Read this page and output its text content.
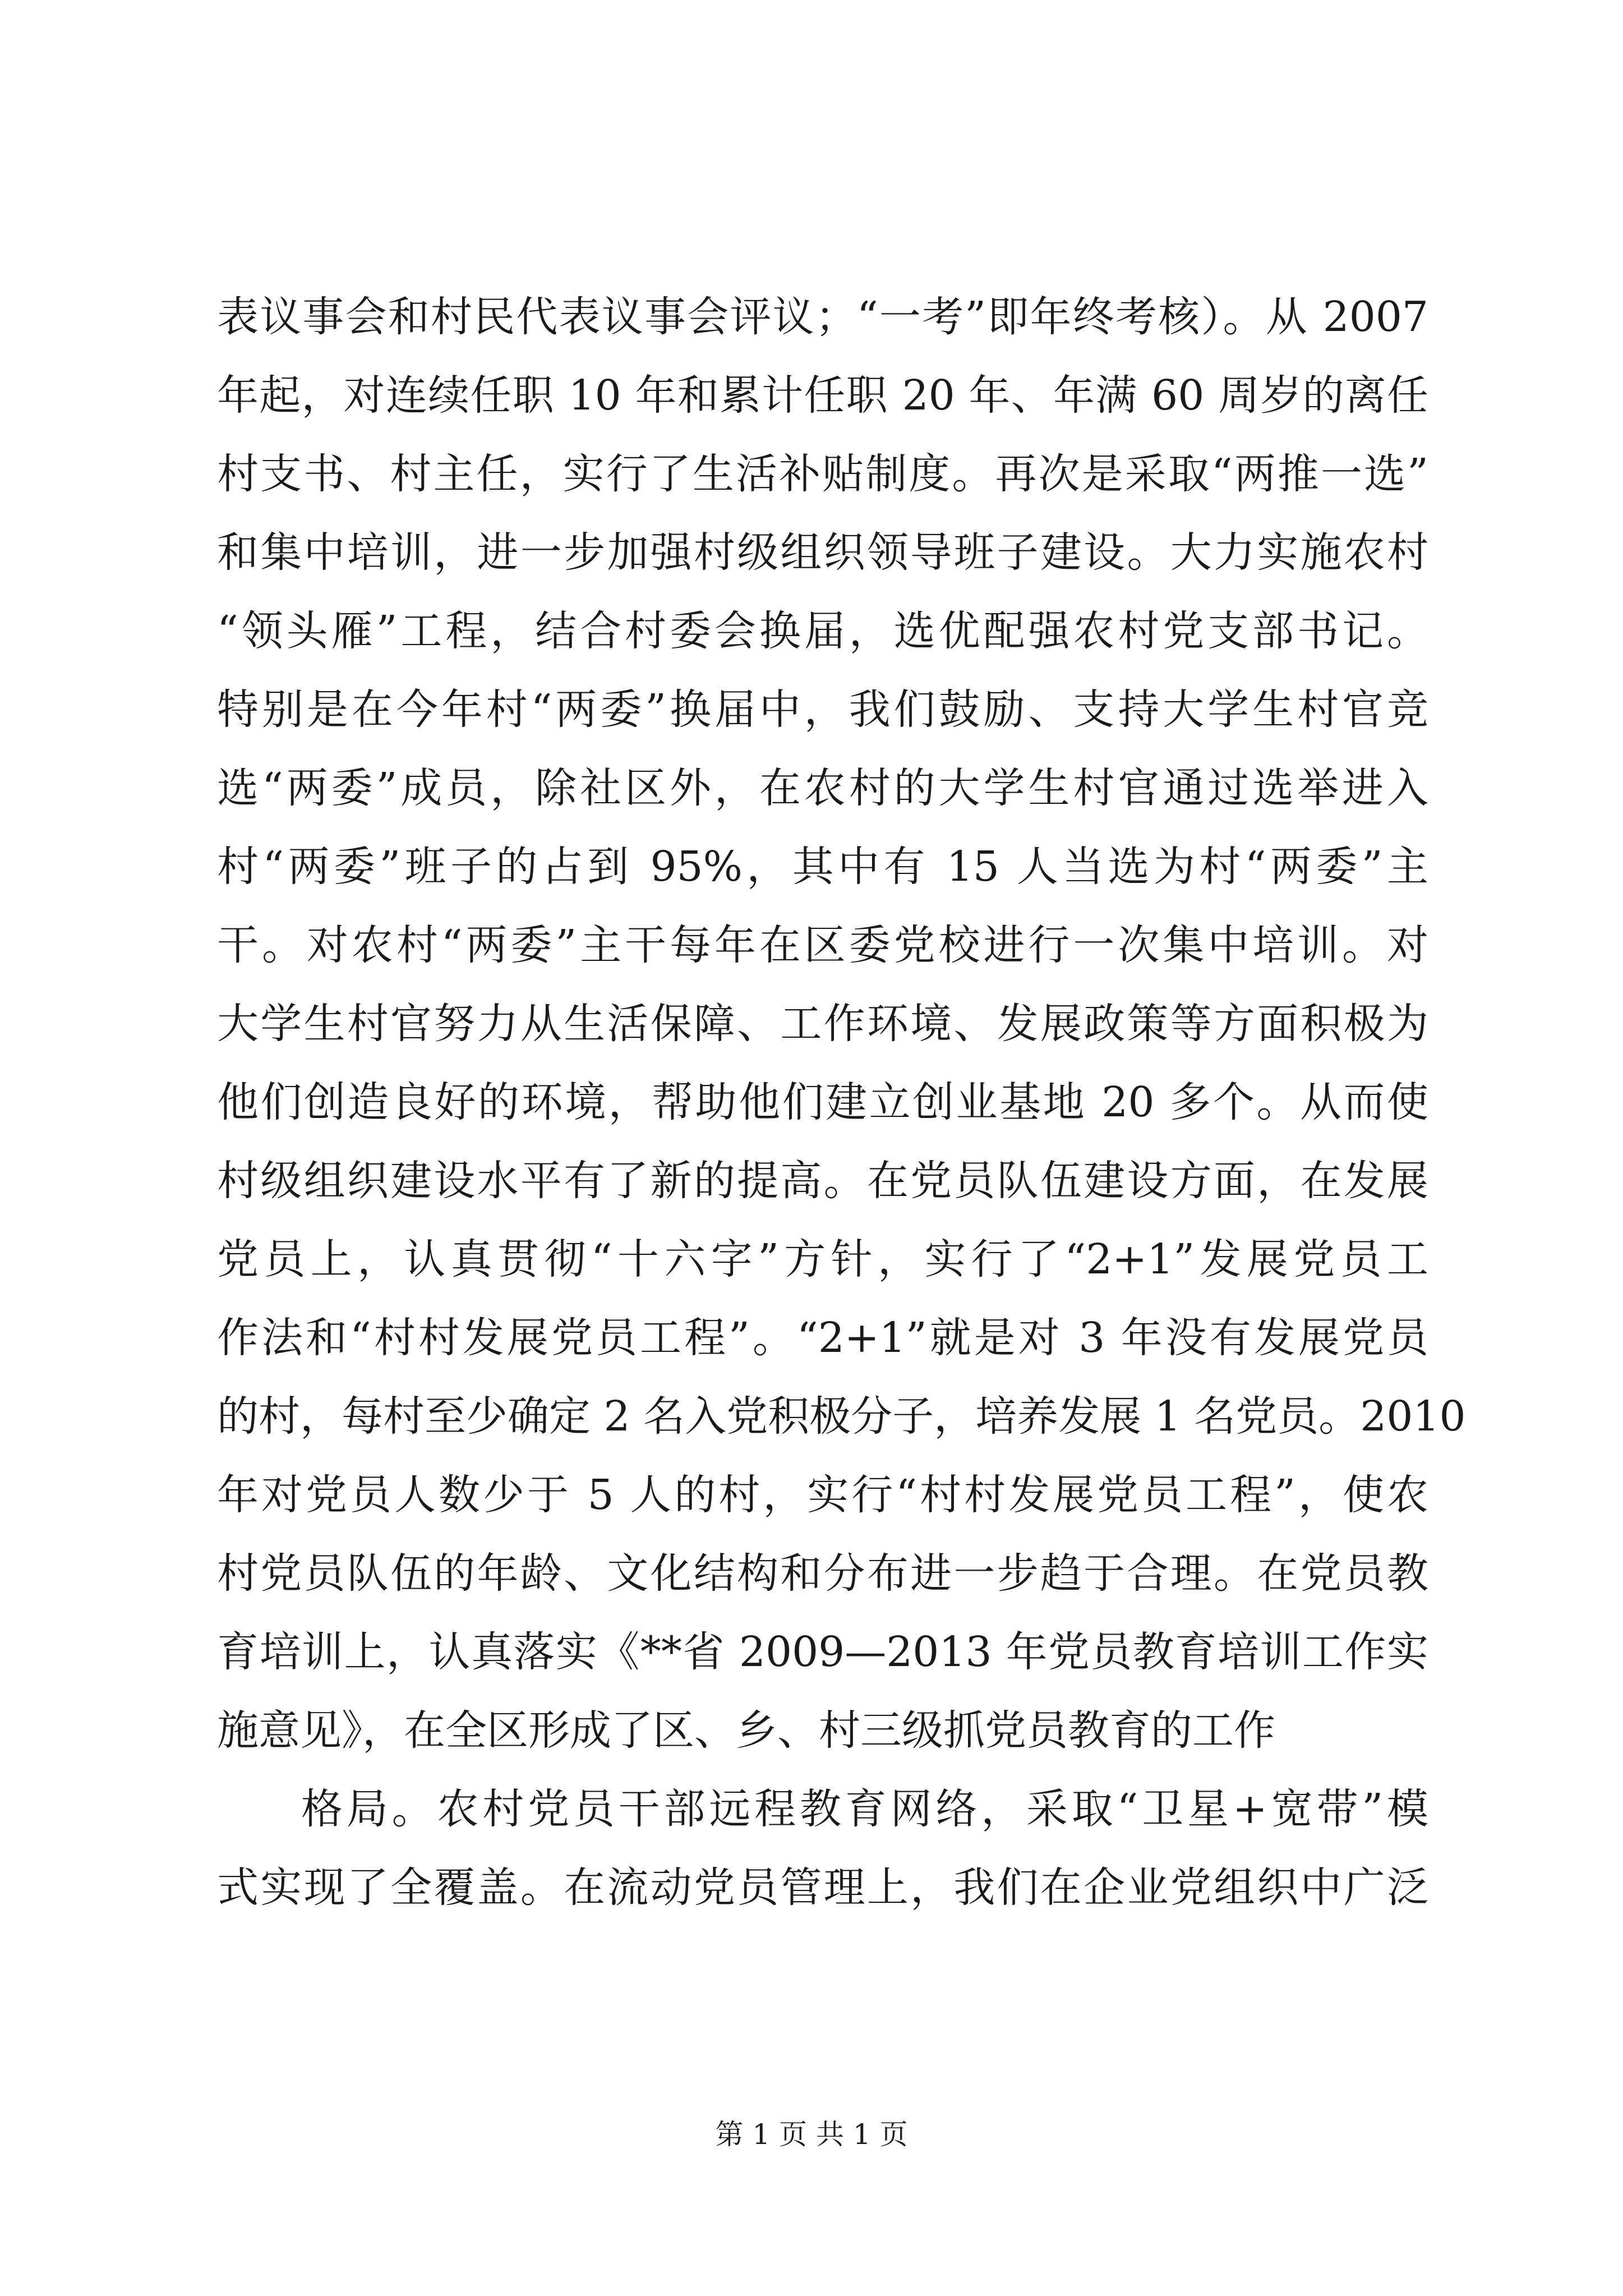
表议事会和村民代表议事会评议；“一考”即年终考核）。从 2007
年起，对连续任职 10 年和累计任职 20 年、年满 60 周岁的离任
村支书、村主任，实行了生活补贴制度。再次是采取“两推一选”
和集中培训，进一步加强村级组织领导班子建设。大力实施农村
“领头雁”工程，结合村委会换届，选优配强农村党支部书记。
特别是在今年村“两委”换届中，我们鼓励、支持大学生村官竞
选“两委”成员，除社区外，在农村的大学生村官通过选举进入
村“两委”班子的占到 95%，其中有 15 人当选为村“两委”主
干。对农村“两委”主干每年在区委党校进行一次集中培训。对
大学生村官努力从生活保障、工作环境、发展政策等方面积极为
他们创造良好的环境，帮助他们建立创业基地 20 多个。从而使
村级组织建设水平有了新的提高。在党员队伍建设方面，在发展
党员上，认真贯彻“十六字”方针，实行了“2+1”发展党员工
作法和“村村发展党员工程”。“2+1”就是对 3 年没有发展党员
的村，每村至少确定 2 名入党积极分子，培养发展 1 名党员。2010
年对党员人数少于 5 人的村，实行“村村发展党员工程”，使农
村党员队伍的年龄、文化结构和分布进一步趋于合理。在党员教
育培训上，认真落实《**省 2009—2013 年党员教育培训工作实
施意见》，在全区形成了区、乡、村三级抓党员教育的工作
格局。农村党员干部远程教育网络，采取“卫星+宽带”模
式实现了全覆盖。在流动党员管理上，我们在企业党组织中广泛
第 1 页 共 1 页
